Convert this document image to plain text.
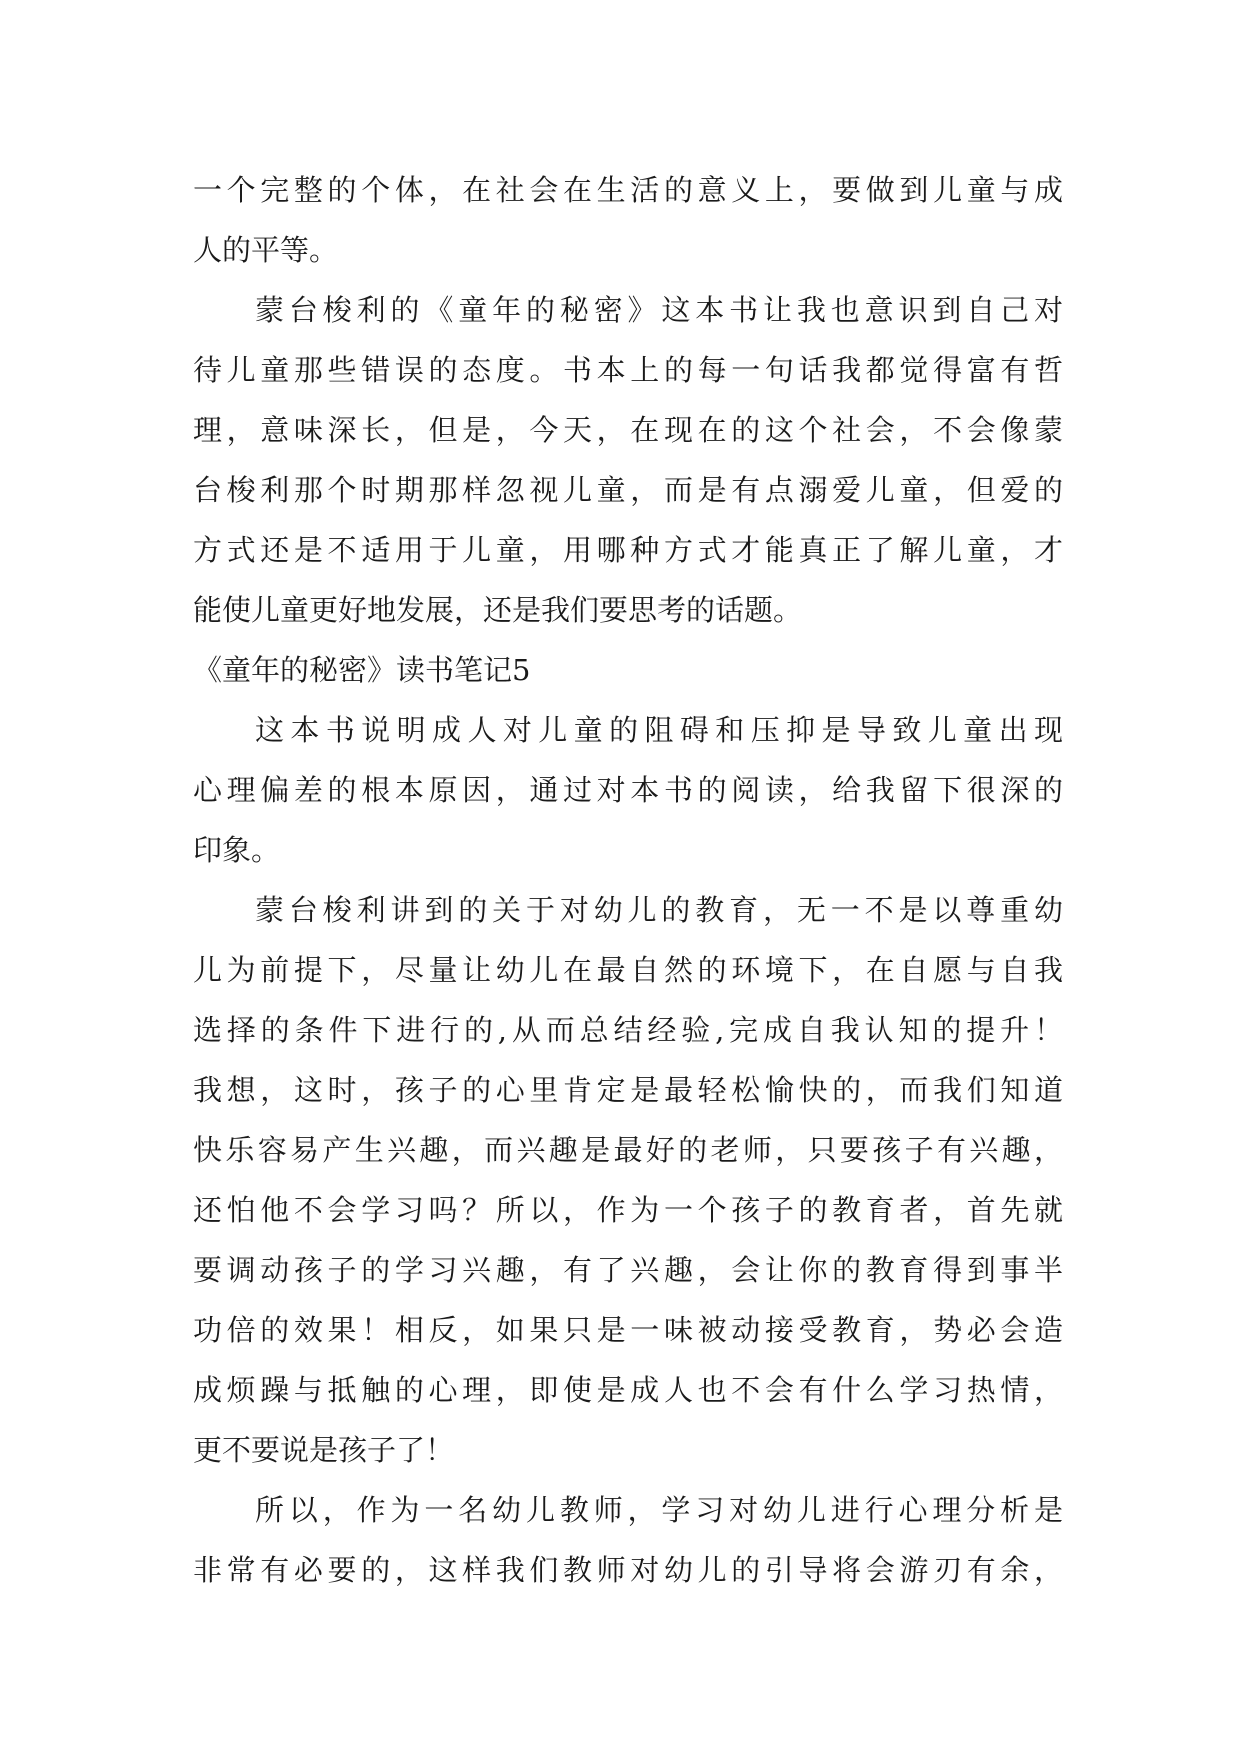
一个完整的个体，在社会在生活的意义上，要做到儿童与成
人的平等。
蒙台梭利的《童年的秘密》这本书让我也意识到自己对
待儿童那些错误的态度。书本上的每一句话我都觉得富有哲
理，意味深长，但是，今天，在现在的这个社会，不会像蒙
台梭利那个时期那样忽视儿童，而是有点溺爱儿童，但爱的
方式还是不适用于儿童，用哪种方式才能真正了解儿童，才
能使儿童更好地发展，还是我们要思考的话题。
《童年的秘密》读书笔记5
这本书说明成人对儿童的阻碍和压抑是导致儿童出现
心理偏差的根本原因，通过对本书的阅读，给我留下很深的
印象。
蒙台梭利讲到的关于对幼儿的教育，无一不是以尊重幼
儿为前提下，尽量让幼儿在最自然的环境下，在自愿与自我
选择的条件下进行的,从而总结经验,完成自我认知的提升！
我想，这时，孩子的心里肯定是最轻松愉快的，而我们知道
快乐容易产生兴趣，而兴趣是最好的老师，只要孩子有兴趣，
还怕他不会学习吗？所以，作为一个孩子的教育者，首先就
要调动孩子的学习兴趣，有了兴趣，会让你的教育得到事半
功倍的效果！相反，如果只是一味被动接受教育，势必会造
成烦躁与抵触的心理，即使是成人也不会有什么学习热情，
更不要说是孩子了！
所以，作为一名幼儿教师，学习对幼儿进行心理分析是
非常有必要的，这样我们教师对幼儿的引导将会游刃有余，
